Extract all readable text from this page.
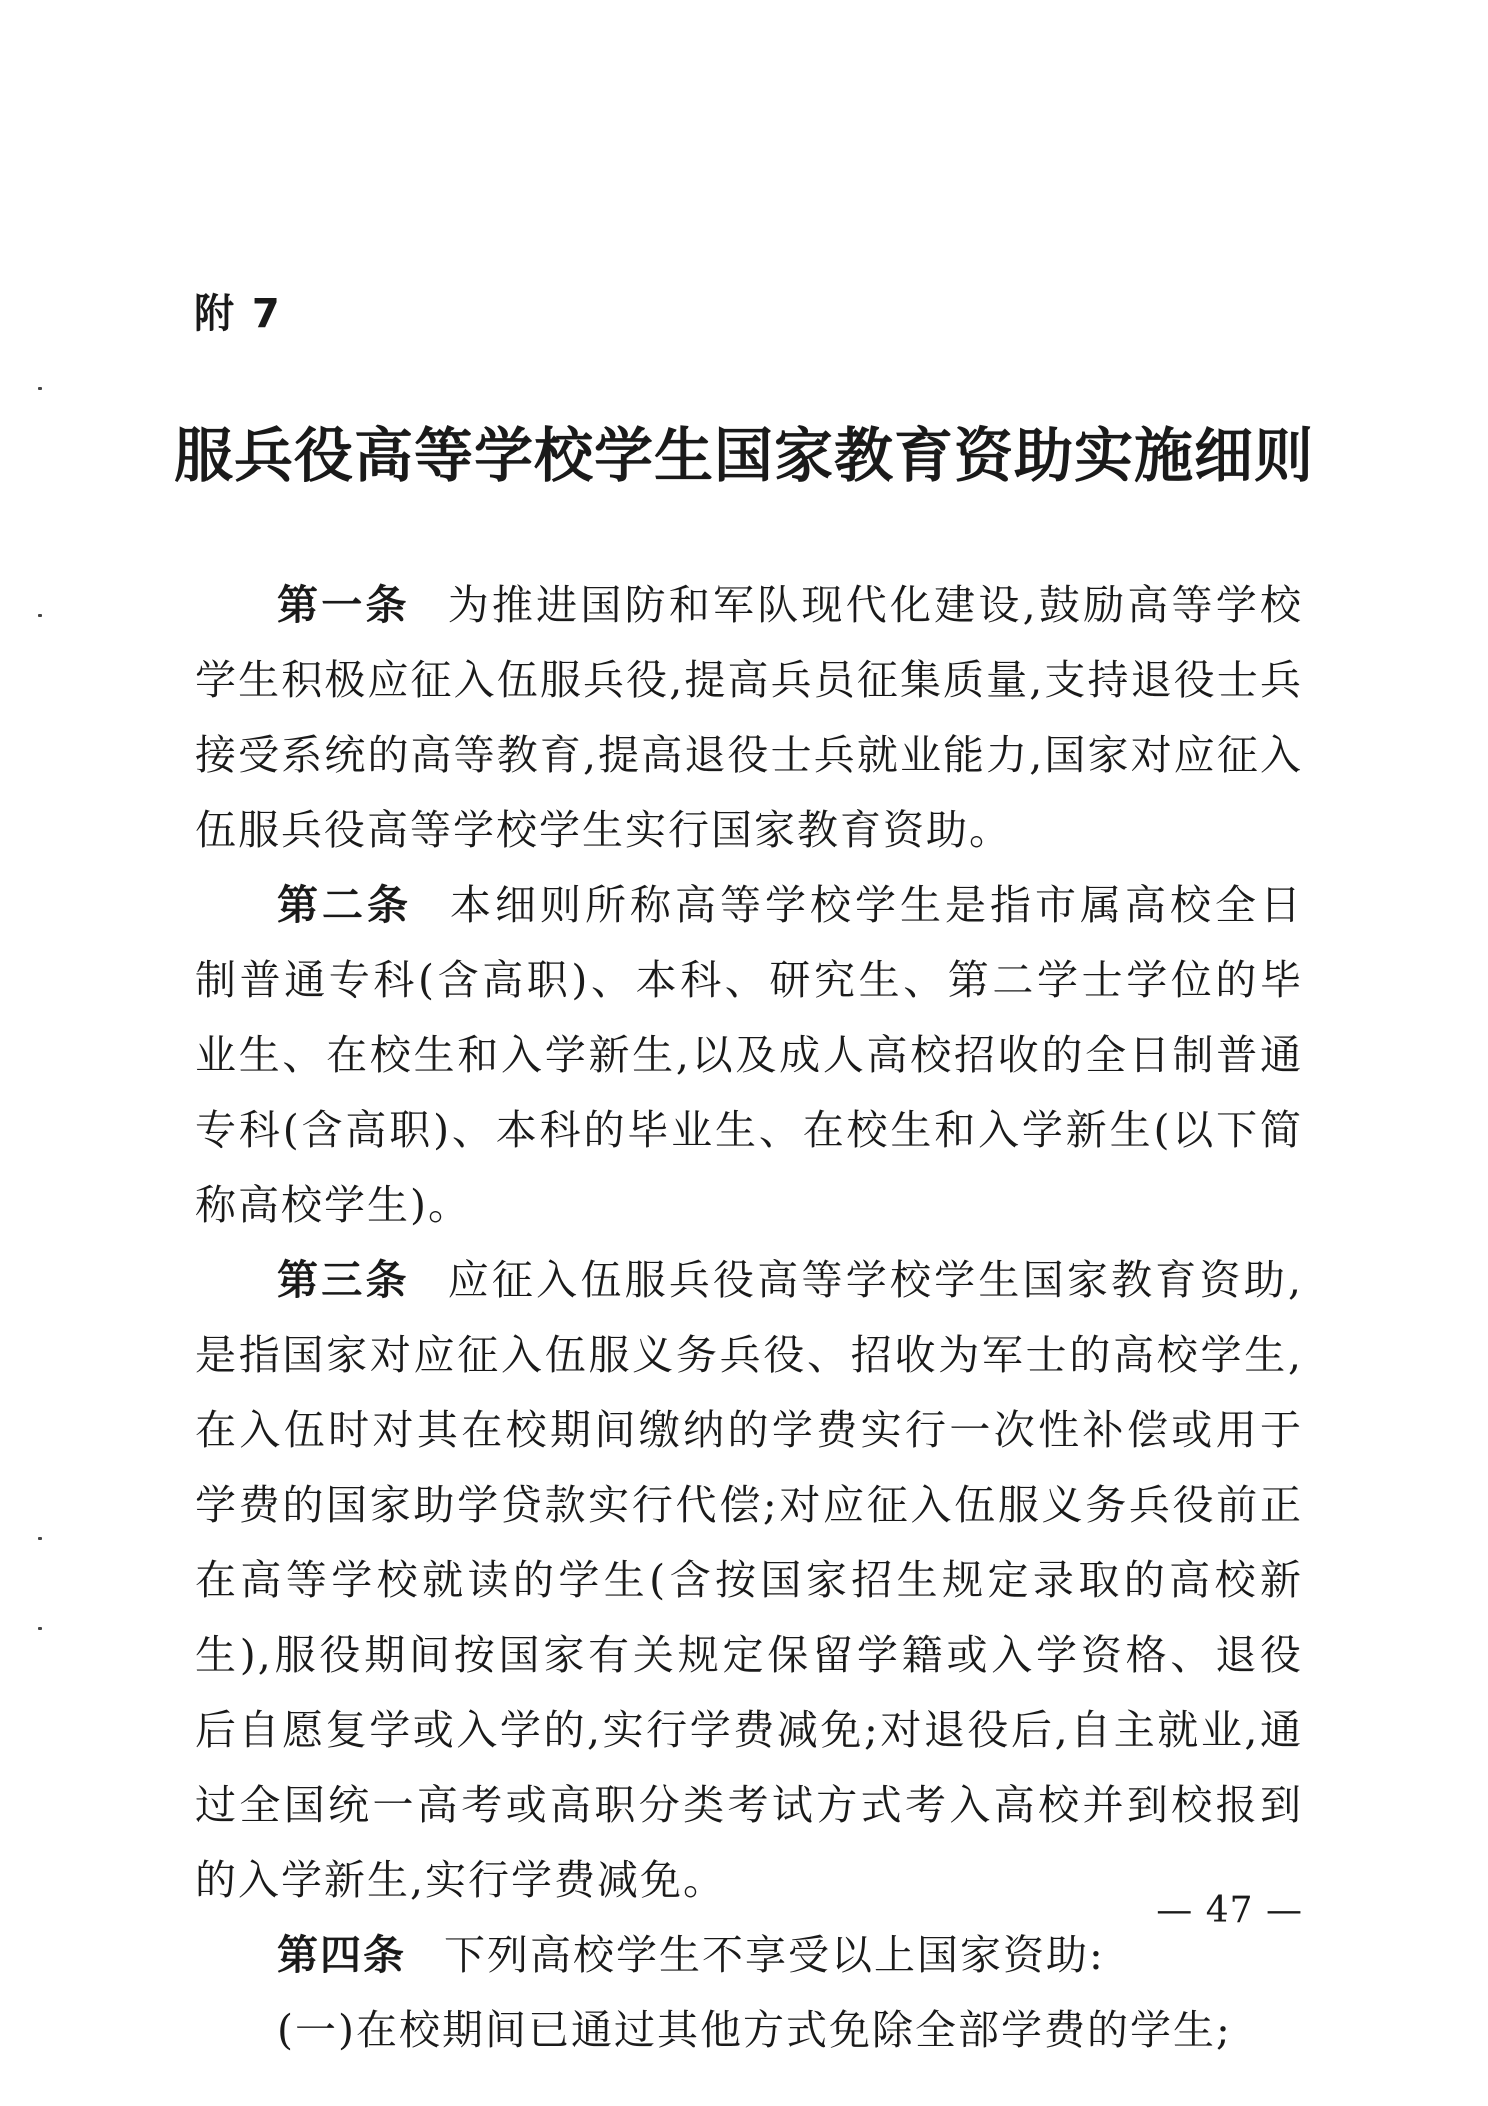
附 7
服兵役高等学校学生国家教育资助实施细则

第一条 为推进国防和军队现代化建设,鼓励高等学校学生积极应征入伍服兵役,提高兵员征集质量,支持退役士兵接受系统的高等教育,提高退役士兵就业能力,国家对应征入伍服兵役高等学校学生实行国家教育资助。

第二条 本细则所称高等学校学生是指市属高校全日制普通专科(含高职)、本科、研究生、第二学士学位的毕业生、在校生和入学新生,以及成人高校招收的全日制普通专科(含高职)、本科的毕业生、在校生和入学新生(以下简称高校学生)。

第三条 应征入伍服兵役高等学校学生国家教育资助,是指国家对应征入伍服义务兵役、招收为军士的高校学生,在入伍时对其在校期间缴纳的学费实行一次性补偿或用于学费的国家助学贷款实行代偿;对应征入伍服义务兵役前正在高等学校就读的学生(含按国家招生规定录取的高校新生),服役期间按国家有关规定保留学籍或入学资格、退役后自愿复学或入学的,实行学费减免;对退役后,自主就业,通过全国统一高考或高职分类考试方式考入高校并到校报到的入学新生,实行学费减免。

第四条 下列高校学生不享受以上国家资助:

(一)在校期间已通过其他方式免除全部学费的学生;

— 47 —
